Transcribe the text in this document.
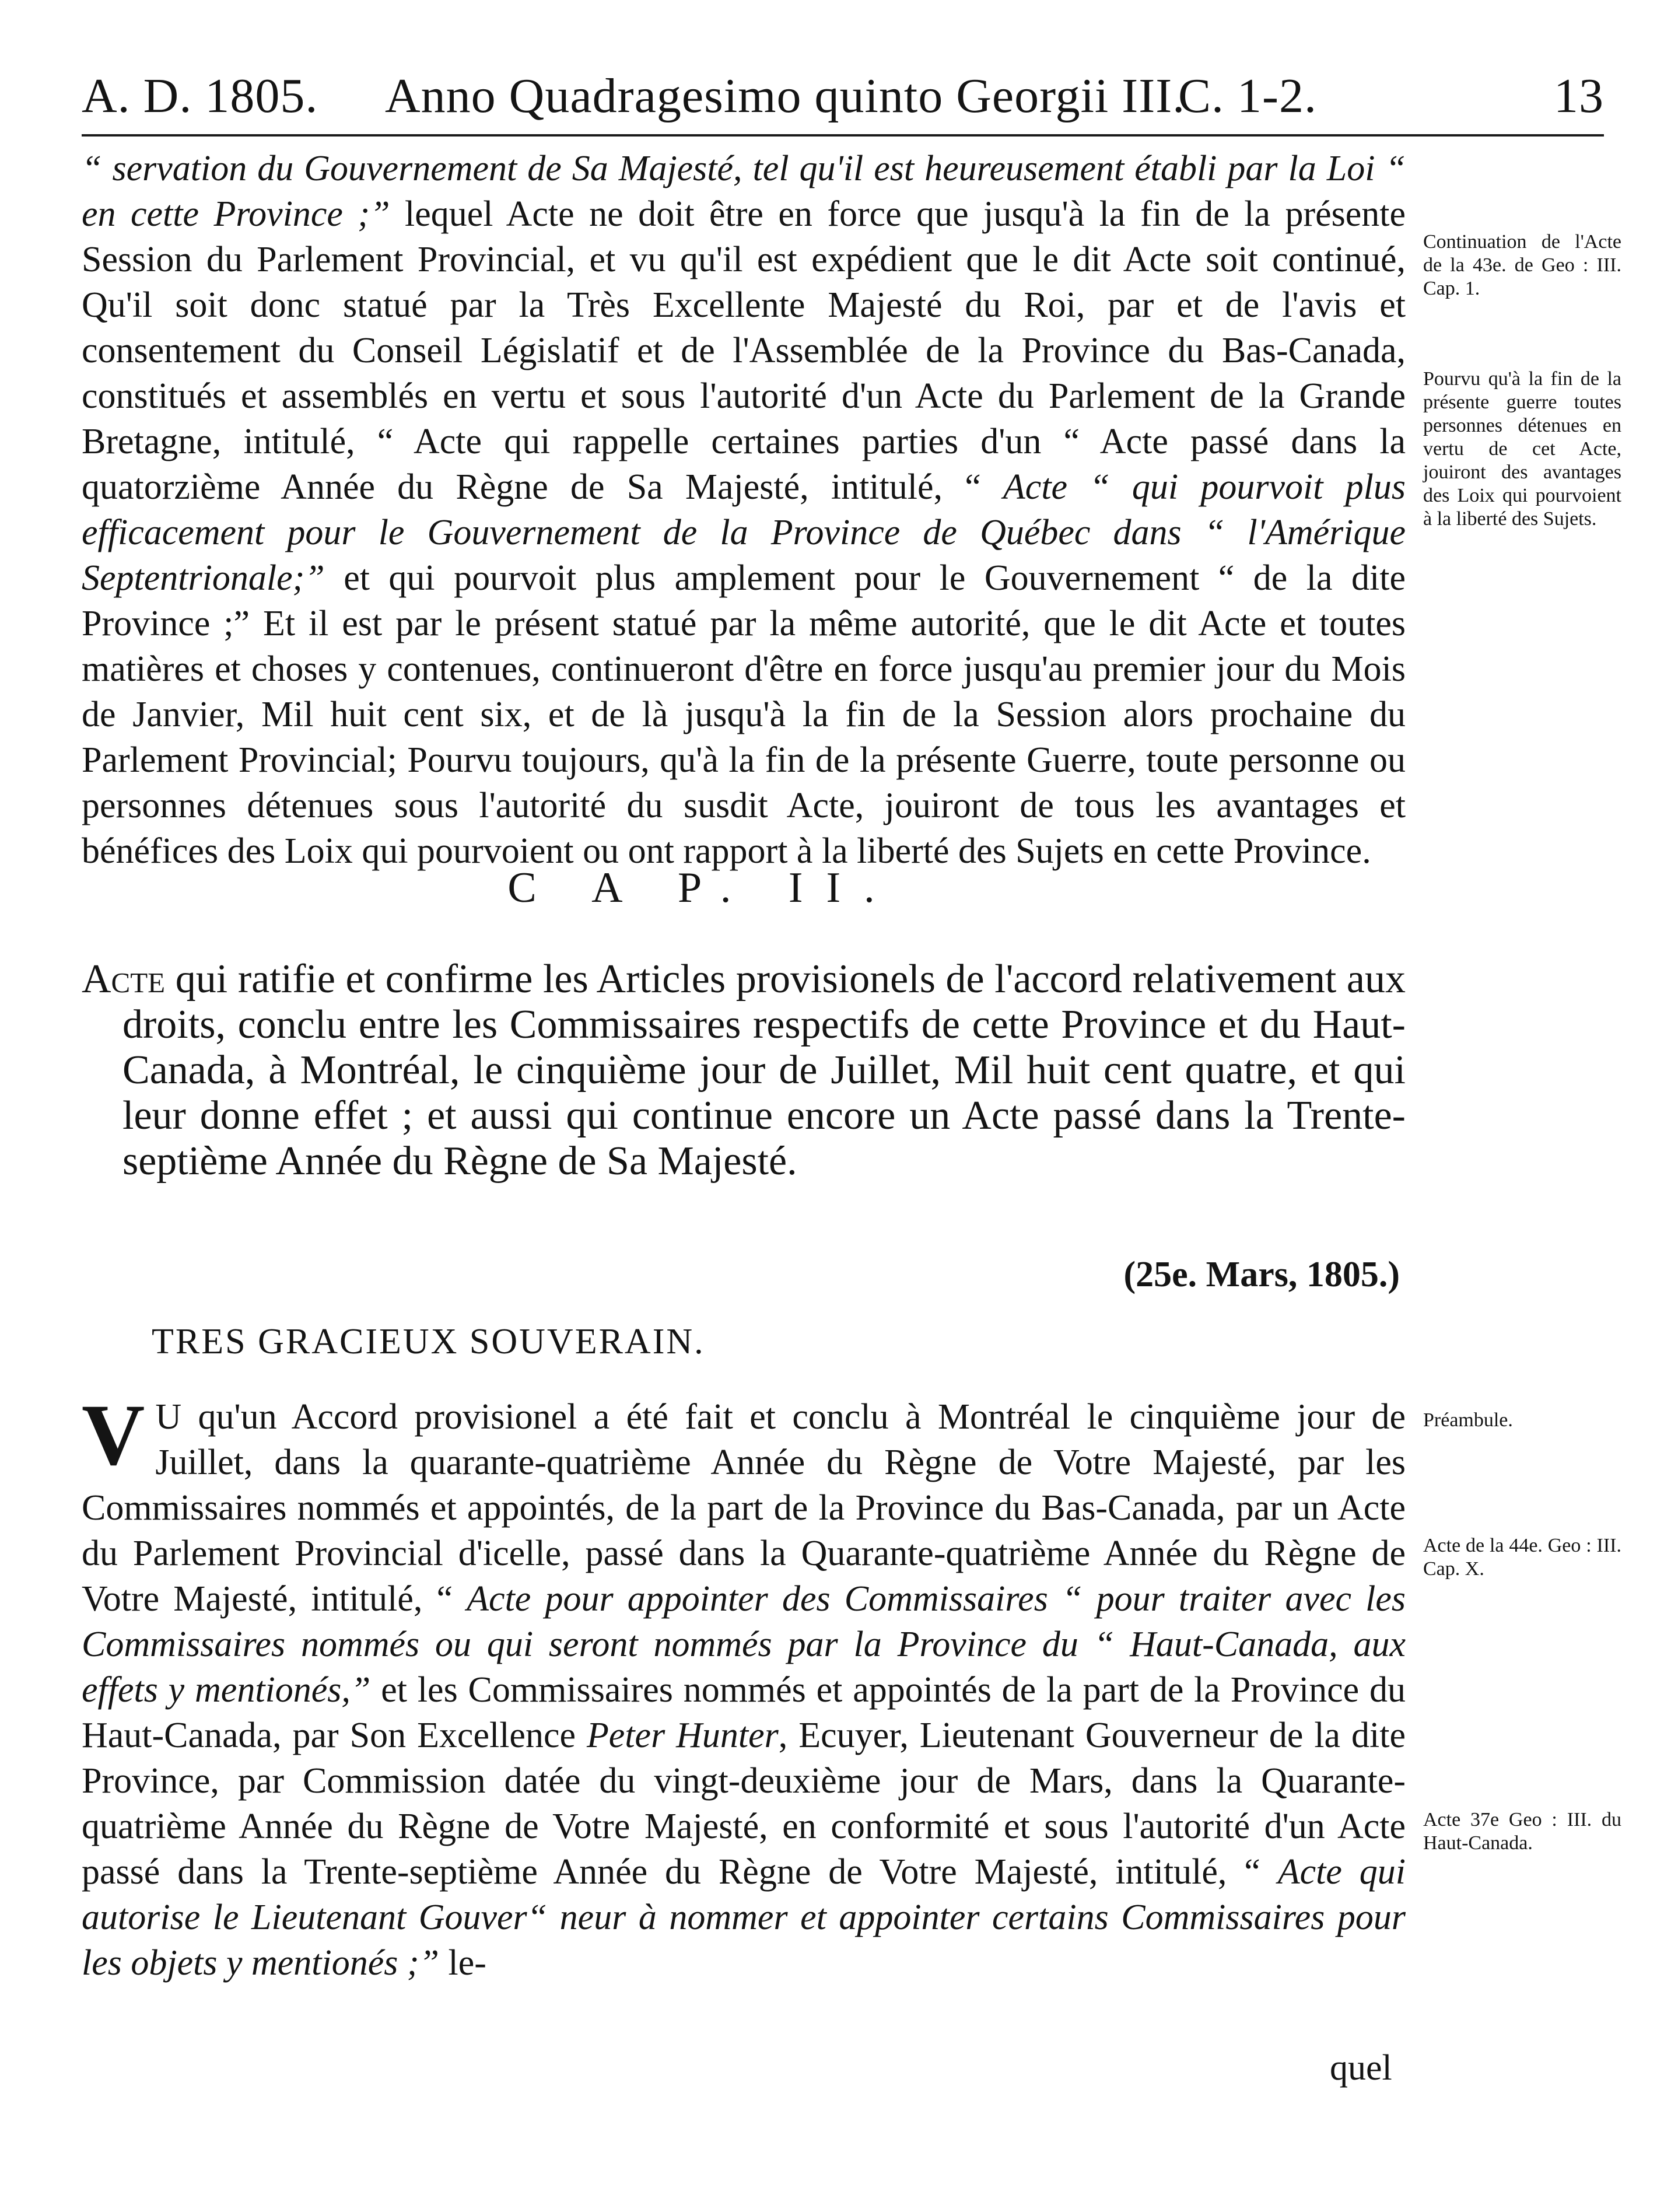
A. D. 1805. Anno Quadragesimo quinto Georgii III.
C. 1-2.	13
“ servation du Gouvernement de Sa Majesté, tel qu'il est heureusement établi par la Loi “ en cette Province ;” lequel Acte ne doit être en force que jusqu'à la fin de la présente Session du Parlement Provincial, et vu qu'il est expédient que le dit Acte soit continué, Qu'il soit donc statué par la Très Excellente Majesté du Roi, par et de l'avis et consentement du Conseil Législatif et de l'Assemblée de la Province du Bas-Canada, constitués et assemblés en vertu et sous l'autorité d'un Acte du Parlement de la Grande Bretagne, intitulé, “ Acte qui rappelle certaines parties d'un “ Acte passé dans la quatorzième Année du Règne de Sa Majesté, intitulé, “ Acte “ qui pourvoit plus efficacement pour le Gouvernement de la Province de Québec dans “ l'Amérique Septentrionale;” et qui pourvoit plus amplement pour le Gouvernement “ de la dite Province ;” Et il est par le présent statué par la même autorité, que le dit Acte et toutes matières et choses y contenues, continueront d'être en force jusqu'au premier jour du Mois de Janvier, Mil huit cent six, et de là jusqu'à la fin de la Session alors prochaine du Parlement Provincial; Pourvu toujours, qu'à la fin de la présente Guerre, toute personne ou personnes détenues sous l'autorité du susdit Acte, jouiront de tous les avantages et bénéfices des Loix qui pourvoient ou ont rapport à la liberté des Sujets en cette Province.
C A P. II.
Acte qui ratifie et confirme les Articles provisionels de l'accord relativement aux droits, conclu entre les Commissaires respectifs de cette Province et du Haut-Canada, à Montréal, le cinquième jour de Juillet, Mil huit cent quatre, et qui leur donne effet ; et aussi qui continue encore un Acte passé dans la Trente-septième Année du Règne de Sa Majesté.
(25e. Mars, 1805.)
TRES GRACIEUX SOUVERAIN.
V U qu'un Accord provisionel a été fait et conclu à Montréal le cinquième jour de Juillet, dans la quarante-quatrième Année du Règne de Votre Majesté, par les Commissaires nommés et appointés, de la part de la Province du Bas-Canada, par un Acte du Parlement Provincial d'icelle, passé dans la Quarante-quatrième Année du Règne de Votre Majesté, intitulé, “ Acte pour appointer des Commissaires “ pour traiter avec les Commissaires nommés ou qui seront nommés par la Province du “ Haut-Canada, aux effets y mentionés,” et les Commissaires nommés et appointés de la part de la Province du Haut-Canada, par Son Excellence Peter Hunter, Ecuyer, Lieutenant Gouverneur de la dite Province, par Commission datée du vingt-deuxième jour de Mars, dans la Quarante-quatrième Année du Règne de Votre Majesté, en conformité et sous l'autorité d'un Acte passé dans la Trente-septième Année du Règne de Votre Majesté, intitulé, “ Acte qui autorise le Lieutenant Gouver“ neur à nommer et appointer certains Commissaires pour les objets y mentionés ;” le-
quel
Continuation de l'Acte de la 43e. de Geo : III. Cap. 1.
Pourvu qu'à la fin de la présente guerre toutes personnes détenues en vertu de cet Acte, jouiront des avantages des Loix qui pourvoient à la liberté des Sujets.
Préambule.
Acte de la 44e. Geo : III. Cap. X.
Acte 37e Geo : III. du Haut-Canada.
